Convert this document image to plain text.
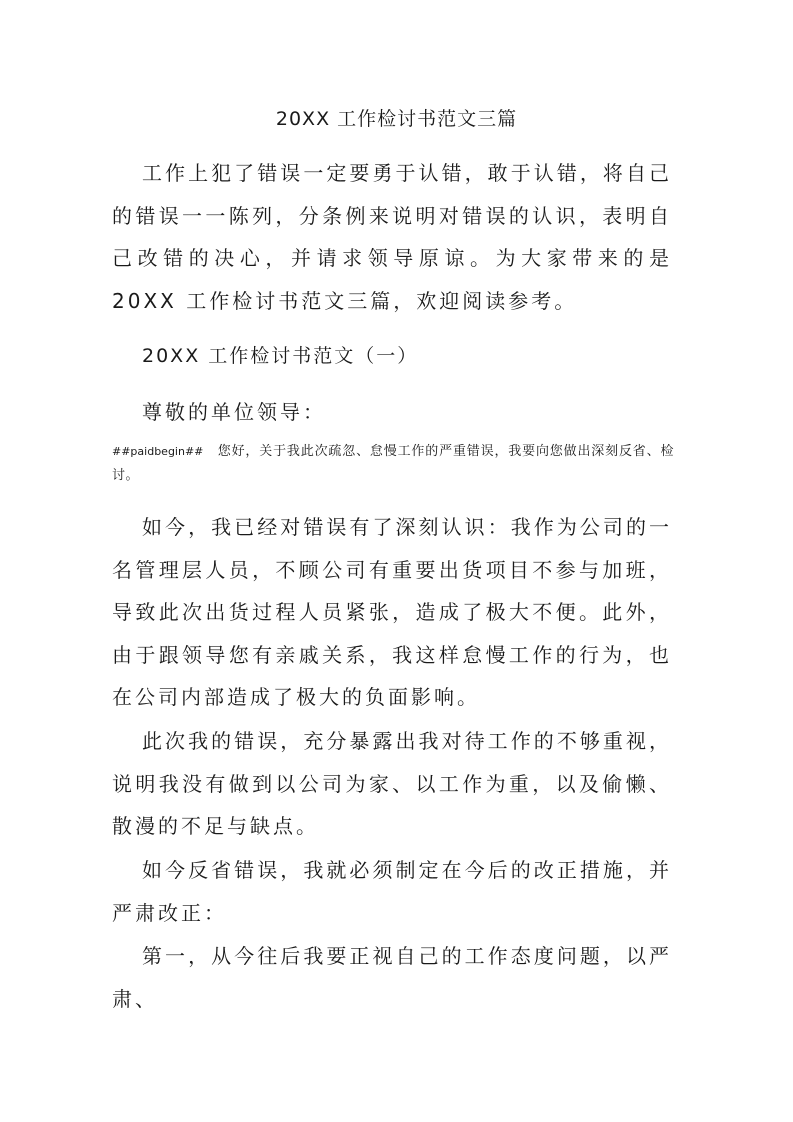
20XX 工作检讨书范文三篇
工作上犯了错误一定要勇于认错，敢于认错，将自己的错误一一陈列，分条例来说明对错误的认识，表明自己改错的决心，并请求领导原谅。为大家带来的是 20XX 工作检讨书范文三篇，欢迎阅读参考。
20XX 工作检讨书范文（一）
尊敬的单位领导：
##paidbegin## 您好，关于我此次疏忽、怠慢工作的严重错误，我要向您做出深刻反省、检讨。
如今，我已经对错误有了深刻认识：我作为公司的一名管理层人员，不顾公司有重要出货项目不参与加班，导致此次出货过程人员紧张，造成了极大不便。此外，由于跟领导您有亲戚关系，我这样怠慢工作的行为，也在公司内部造成了极大的负面影响。
此次我的错误，充分暴露出我对待工作的不够重视，说明我没有做到以公司为家、以工作为重，以及偷懒、散漫的不足与缺点。
如今反省错误，我就必须制定在今后的改正措施，并严肃改正：
第一，从今往后我要正视自己的工作态度问题，以严肃、
